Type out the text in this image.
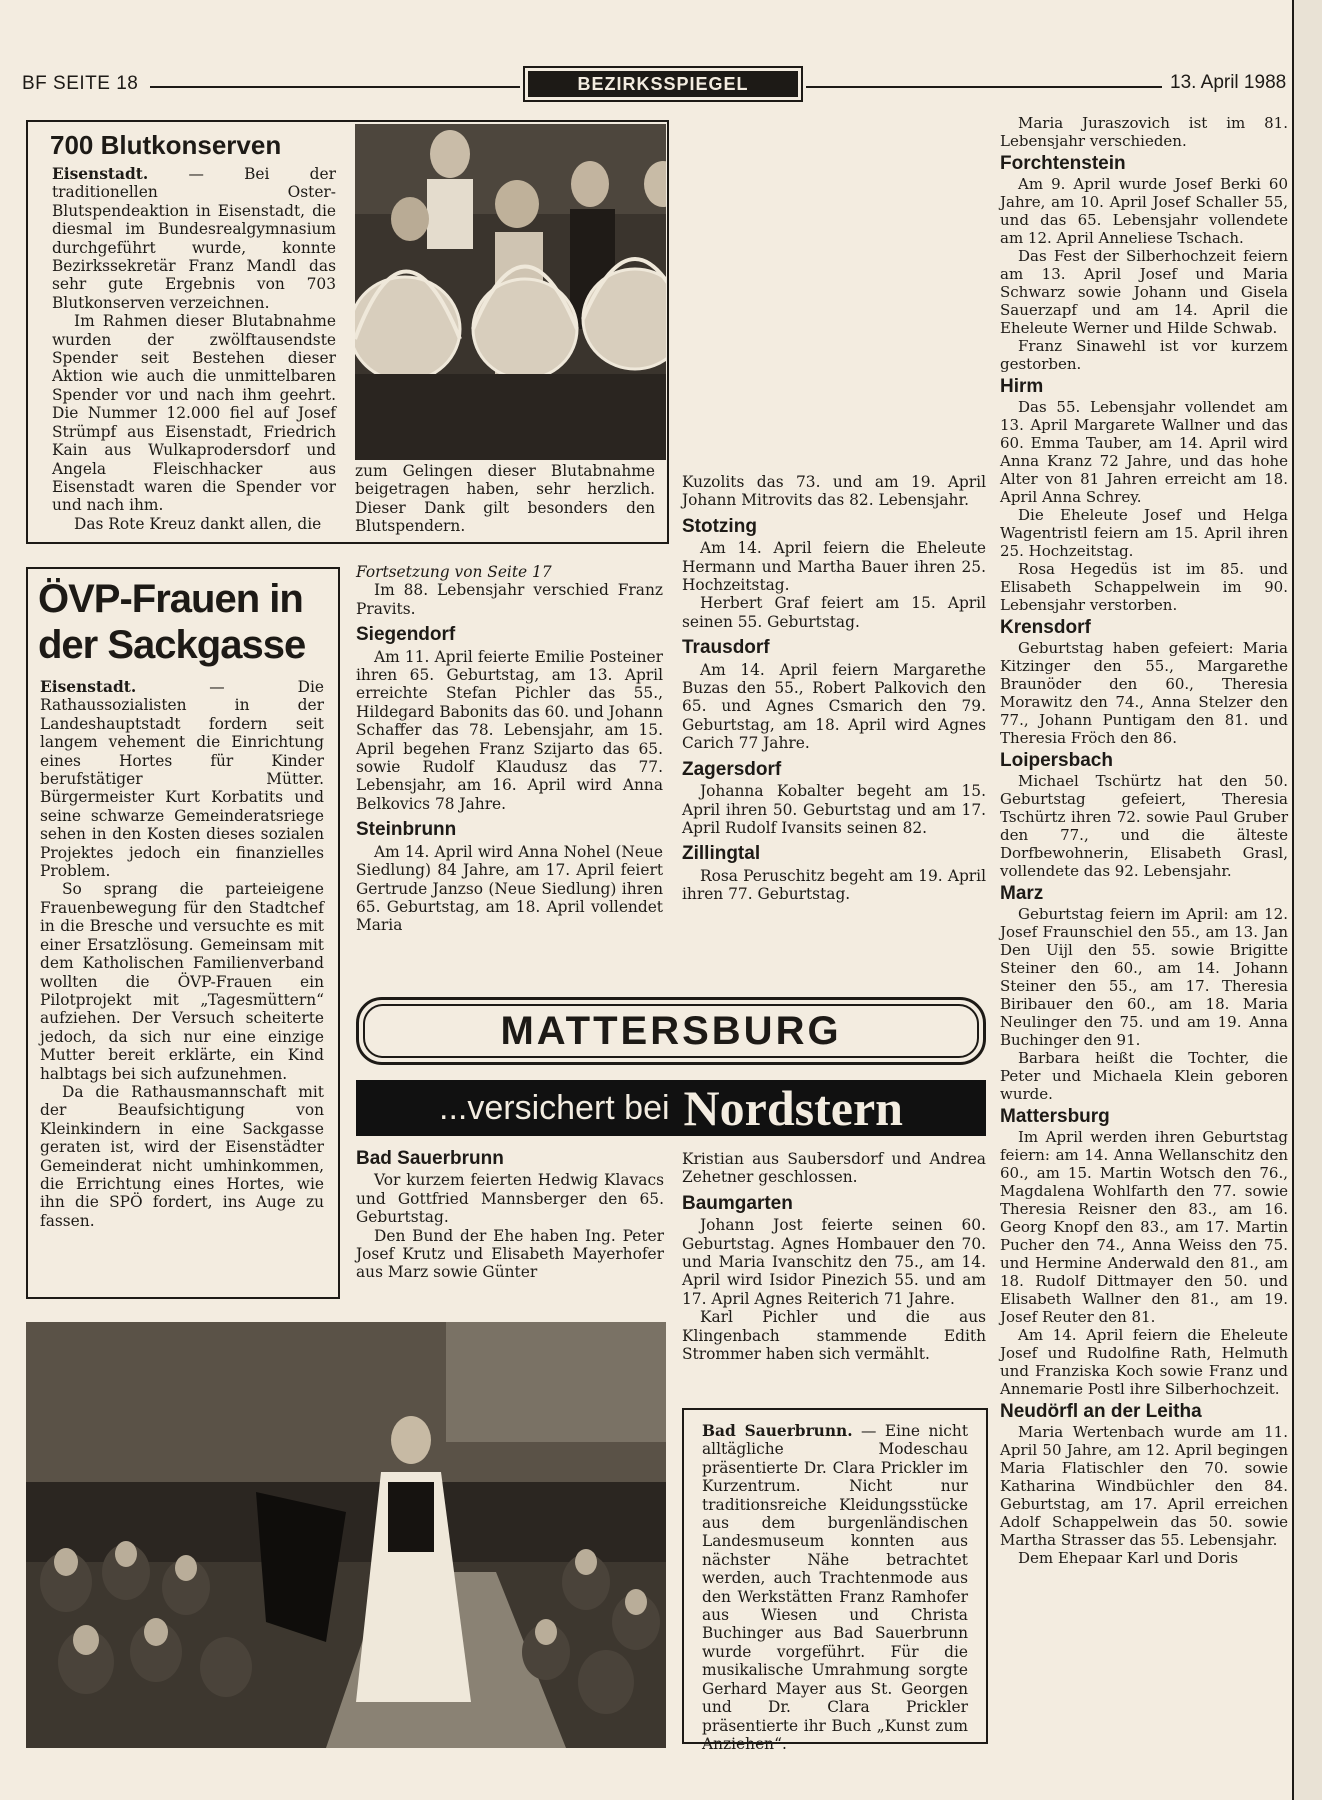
BF SEITE 18	BEZIRKSSPIEGEL	13. April 1988
700 Blutkonserven

Eisenstadt. — Bei der traditionellen Oster-Blutspendeaktion in Eisenstadt, die diesmal im Bundesrealgymnasium durchgeführt wurde, konnte Bezirkssekretär Franz Mandl das sehr gute Ergebnis von 703 Blutkonserven verzeichnen.

Im Rahmen dieser Blutabnahme wurden der zwölftausendste Spender seit Bestehen dieser Aktion wie auch die unmittelbaren Spender vor und nach ihm geehrt. Die Nummer 12.000 fiel auf Josef Strümpf aus Eisenstadt, Friedrich Kain aus Wulkaprodersdorf und Angela Fleischhacker aus Eisenstadt waren die Spender vor und nach ihm.

Das Rote Kreuz dankt allen, die

zum Gelingen dieser Blutabnahme beigetragen haben, sehr herzlich. Dieser Dank gilt besonders den Blutspendern.

ÖVP-Frauen in
der Sackgasse

Eisenstadt. — Die Rathaussozialisten in der Landeshauptstadt fordern seit langem vehement die Einrichtung eines Hortes für Kinder berufstätiger Mütter. Bürgermeister Kurt Korbatits und seine schwarze Gemeinderatsriege sehen in den Kosten dieses sozialen Projektes jedoch ein finanzielles Problem.

So sprang die parteieigene Frauenbewegung für den Stadtchef in die Bresche und versuchte es mit einer Ersatzlösung. Gemeinsam mit dem Katholischen Familienverband wollten die ÖVP-Frauen ein Pilotprojekt mit „Tagesmüttern“ aufziehen. Der Versuch scheiterte jedoch, da sich nur eine einzige Mutter bereit erklärte, ein Kind halbtags bei sich aufzunehmen.

Da die Rathausmannschaft mit der Beaufsichtigung von Kleinkindern in eine Sackgasse geraten ist, wird der Eisenstädter Gemeinderat nicht umhinkommen, die Errichtung eines Hortes, wie ihn die SPÖ fordert, ins Auge zu fassen.

Fortsetzung von Seite 17

Im 88. Lebensjahr verschied Franz Pravits.

Siegendorf

Am 11. April feierte Emilie Posteiner ihren 65. Geburtstag, am 13. April erreichte Stefan Pichler das 55., Hildegard Babonits das 60. und Johann Schaffer das 78. Lebensjahr, am 15. April begehen Franz Szijarto das 65. sowie Rudolf Klaudusz das 77. Lebensjahr, am 16. April wird Anna Belkovics 78 Jahre.

Steinbrunn

Am 14. April wird Anna Nohel (Neue Siedlung) 84 Jahre, am 17. April feiert Gertrude Janzso (Neue Siedlung) ihren 65. Geburtstag, am 18. April vollendet Maria

Kuzolits das 73. und am 19. April Johann Mitrovits das 82. Lebensjahr.

Stotzing

Am 14. April feiern die Eheleute Hermann und Martha Bauer ihren 25. Hochzeitstag.

Herbert Graf feiert am 15. April seinen 55. Geburtstag.

Trausdorf

Am 14. April feiern Margarethe Buzas den 55., Robert Palkovich den 65. und Agnes Csmarich den 79. Geburtstag, am 18. April wird Agnes Carich 77 Jahre.

Zagersdorf

Johanna Kobalter begeht am 15. April ihren 50. Geburtstag und am 17. April Rudolf Ivansits seinen 82.

Zillingtal

Rosa Peruschitz begeht am 19. April ihren 77. Geburtstag.

Maria Juraszovich ist im 81. Lebensjahr verschieden.

Forchtenstein

Am 9. April wurde Josef Berki 60 Jahre, am 10. April Josef Schaller 55, und das 65. Lebensjahr vollendete am 12. April Anneliese Tschach.

Das Fest der Silberhochzeit feiern am 13. April Josef und Maria Schwarz sowie Johann und Gisela Sauerzapf und am 14. April die Eheleute Werner und Hilde Schwab.

Franz Sinawehl ist vor kurzem gestorben.

Hirm

Das 55. Lebensjahr vollendet am 13. April Margarete Wallner und das 60. Emma Tauber, am 14. April wird Anna Kranz 72 Jahre, und das hohe Alter von 81 Jahren erreicht am 18. April Anna Schrey.

Die Eheleute Josef und Helga Wagentristl feiern am 15. April ihren 25. Hochzeitstag.

Rosa Hegedüs ist im 85. und Elisabeth Schappelwein im 90. Lebensjahr verstorben.

Krensdorf

Geburtstag haben gefeiert: Maria Kitzinger den 55., Margarethe Braunöder den 60., Theresia Morawitz den 74., Anna Stelzer den 77., Johann Puntigam den 81. und Theresia Fröch den 86.

Loipersbach

Michael Tschürtz hat den 50. Geburtstag gefeiert, Theresia Tschürtz ihren 72. sowie Paul Gruber den 77., und die älteste Dorfbewohnerin, Elisabeth Grasl, vollendete das 92. Lebensjahr.

Marz

Geburtstag feiern im April: am 12. Josef Fraunschiel den 55., am 13. Jan Den Uijl den 55. sowie Brigitte Steiner den 60., am 14. Johann Steiner den 55., am 17. Theresia Biribauer den 60., am 18. Maria Neulinger den 75. und am 19. Anna Buchinger den 91.

Barbara heißt die Tochter, die Peter und Michaela Klein geboren wurde.

Mattersburg

Im April werden ihren Geburtstag feiern: am 14. Anna Wellanschitz den 60., am 15. Martin Wotsch den 76., Magdalena Wohlfarth den 77. sowie Theresia Reisner den 83., am 16. Georg Knopf den 83., am 17. Martin Pucher den 74., Anna Weiss den 75. und Hermine Anderwald den 81., am 18. Rudolf Dittmayer den 50. und Elisabeth Wallner den 81., am 19. Josef Reuter den 81.

Am 14. April feiern die Eheleute Josef und Rudolfine Rath, Helmuth und Franziska Koch sowie Franz und Annemarie Postl ihre Silberhochzeit.

Neudörfl an der Leitha

Maria Wertenbach wurde am 11. April 50 Jahre, am 12. April begingen Maria Flatischler den 70. sowie Katharina Windbüchler den 84. Geburtstag, am 17. April erreichen Adolf Schappelwein das 50. sowie Martha Strasser das 55. Lebensjahr.

Dem Ehepaar Karl und Doris

MATTERSBURG
...versichert bei Nordstern
Bad Sauerbrunn

Vor kurzem feierten Hedwig Klavacs und Gottfried Mannsberger den 65. Geburtstag.

Den Bund der Ehe haben Ing. Peter Josef Krutz und Elisabeth Mayerhofer aus Marz sowie Günter

Kristian aus Saubersdorf und Andrea Zehetner geschlossen.

Baumgarten

Johann Jost feierte seinen 60. Geburtstag. Agnes Hombauer den 70. und Maria Ivanschitz den 75., am 14. April wird Isidor Pinezich 55. und am 17. April Agnes Reiterich 71 Jahre.

Karl Pichler und die aus Klingenbach stammende Edith Strommer haben sich vermählt.

Bad Sauerbrunn. — Eine nicht alltägliche Modeschau präsentierte Dr. Clara Prickler im Kurzentrum. Nicht nur traditionsreiche Kleidungsstücke aus dem burgenländischen Landesmuseum konnten aus nächster Nähe betrachtet werden, auch Trachtenmode aus den Werkstätten Franz Ramhofer aus Wiesen und Christa Buchinger aus Bad Sauerbrunn wurde vorgeführt. Für die musikalische Umrahmung sorgte Gerhard Mayer aus St. Georgen und Dr. Clara Prickler präsentierte ihr Buch „Kunst zum Anziehen“.
